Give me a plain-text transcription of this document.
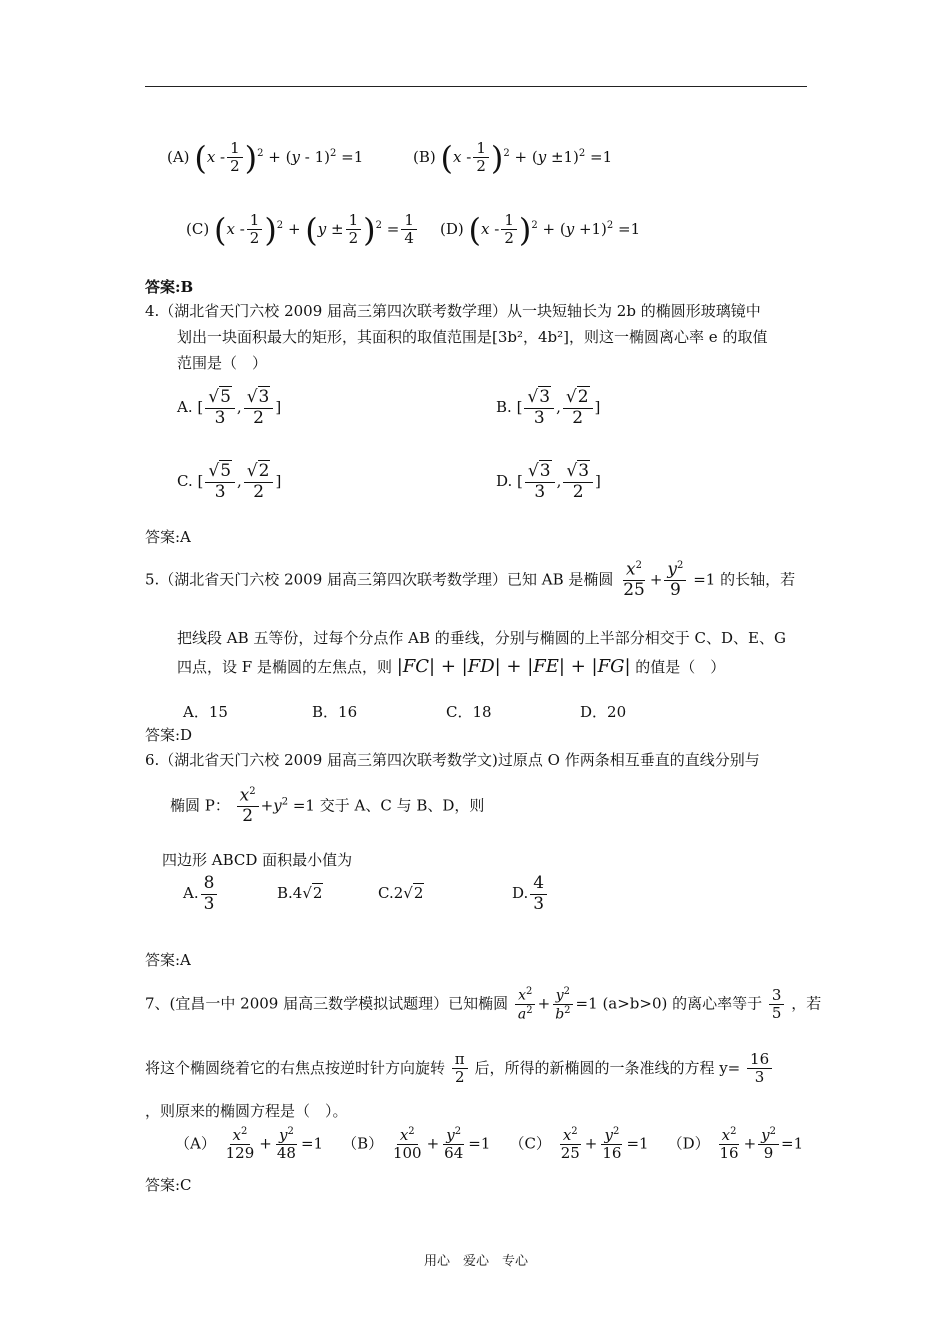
(A) $(x - \frac{1}{2} )^2 + (y - 1)^2 =1$	(B) $(x - \frac{1}{2} )^2 + (y \pm 1)^2 =1$
(C) $(x - \frac{1}{2} )^2 + (y \pm \frac{1}{2} )^2 = \frac{1}{4} (D)$ $(x - \frac{1}{2} )^2 + (y +1)^2 =1$
答案:B
4.（湖北省天门六校 2009 届高三第四次联考数学理）从一块短轴长为 2b 的椭圆形玻璃镜中
划出一块面积最大的矩形，其面积的取值范围是[3b²，4b²]，则这一椭圆离心率 e 的取值
范围是（　）
A. [ $\frac{√5}{3}$ , $\frac{√3}{2}$ ]	B. [ $\frac{√3}{3}$ , $\frac{√2}{2}$ ]
C. [ $\frac{√5}{3}$ , $\frac{√2}{2}$ ]	D. [ $\frac{√3}{3}$ , $\frac{√3}{2}$ ]
答案:A
5.（湖北省天门六校 2009 届高三第四次联考数学理）已知 AB 是椭圆 $\frac{x^2}{25} + \frac{y^2}{9} =1$ 的长轴，若
把线段 AB 五等份，过每个分点作 AB 的垂线，分别与椭圆的上半部分相交于 C、D、E、G
四点，设 F 是椭圆的左焦点，则 |FC| + |FD| + |FE| + |FG| 的值是（　）
A．15	B．16	C．18	D．20
答案:D
6.（湖北省天门六校 2009 届高三第四次联考数学文)过原点 O 作两条相互垂直的直线分别与
椭圆 P： $\frac{x^2}{2} +y^2 =1$ 交于 A、C 与 B、D，则
四边形 ABCD 面积最小值为
A. $\frac{8}{3}$	B.4√2	C.2√2	D. $\frac{4}{3}$
答案:A
7、(宜昌一中 2009 届高三数学模拟试题理）已知椭圆 $\frac{x^2}{a^2} + \frac{y^2}{b^2} =1$ (a>b>0) 的离心率等于 $\frac{3}{5}$ ，若
将这个椭圆绕着它的右焦点按逆时针方向旋转 $\frac{\pi}{2}$ 后，所得的新椭圆的一条准线的方程 $y= \frac{16}{3}$
，则原来的椭圆方程是（　）。
$(A) \frac{x^2}{129} + \frac{y^2}{48} =1$    $(B) \frac{x^2}{100} + \frac{y^2}{64} =1$    $(C) \frac{x^2}{25} + \frac{y^2}{16} =1$    $(D) \frac{x^2}{16} + \frac{y^2}{9} =1$
答案:C
用心　爱心　专心
